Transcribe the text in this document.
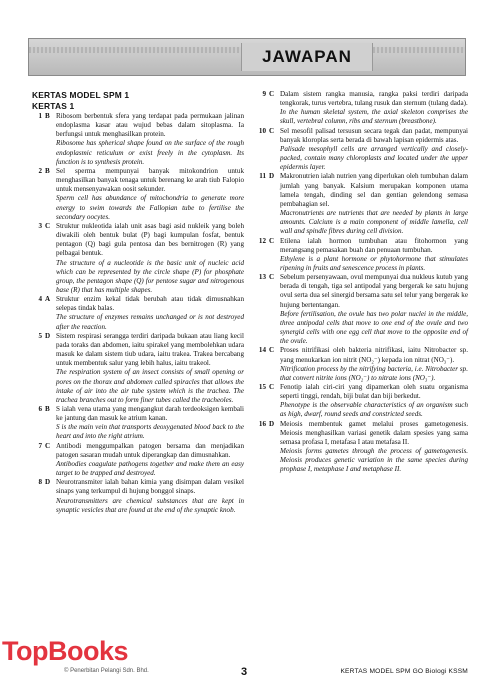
JAWAPAN
KERTAS MODEL SPM 1
KERTAS 1
1 B Ribosom berbentuk sfera yang terdapat pada permukaan jalinan endoplasma kasar atau wujud bebas dalam sitoplasma. Ia berfungsi untuk menghasilkan protein.

Ribosome has spherical shape found on the surface of the rough endoplasmic reticulum or exist freely in the cytoplasm. Its function is to synthesis protein.

2 B Sel sperma mempunyai banyak mitokondrion untuk menghasilkan banyak tenaga untuk berenang ke arah tiub Falopio untuk mensenyawakan oosit sekunder.

Sperm cell has abundance of mitochondria to generate more energy to swim towards the Fallopian tube to fertilise the secondary oocytes.

3 C Struktur nukleotida ialah unit asas bagi asid nukleik yang boleh diwakili oleh bentuk bulat (P) bagi kumpulan fosfat, bentuk pentagon (Q) bagi gula pentosa dan bes bernitrogen (R) yang pelbagai bentuk.

The structure of a nucleotide is the basic unit of nucleic acid which can be represented by the circle shape (P) for phosphate group, the pentagon shape (Q) for pentose sugar and nitrogenous base (R) that has multiple shapes.

4 A Struktur enzim kekal tidak berubah atau tidak dimusnahkan selepas tindak balas.

The structure of enzymes remains unchanged or is not destroyed after the reaction.

5 D Sistem respirasi serangga terdiri daripada bukaan atau liang kecil pada toraks dan abdomen, iaitu spirakel yang membolehkan udara masuk ke dalam sistem tiub udara, iaitu trakea. Trakea bercabang untuk membentuk salur yang lebih halus, iaitu trakeol.

The respiration system of an insect consists of small opening or pores on the thorax and abdomen called spiracles that allows the intake of air into the air tube system which is the trachea. The trachea branches out to form finer tubes called the tracheoles.

6 B S ialah vena utama yang mengangkut darah terdeoksigen kembali ke jantung dan masuk ke atrium kanan.

S is the main vein that transports deoxygenated blood back to the heart and into the right atrium.

7 C Antibodi menggumpalkan patogen bersama dan menjadikan patogen sasaran mudah untuk diperangkap dan dimusnahkan.

Antibodies coagulate pathogens together and make them an easy target to be trapped and destroyed.

8 D Neurotransmiter ialah bahan kimia yang disimpan dalam vesikel sinaps yang terkumpul di hujung bonggol sinaps.

Neurotransmitters are chemical substances that are kept in synaptic vesicles that are found at the end of the synaptic knob.

9 C Dalam sistem rangka manusia, rangka paksi terdiri daripada tengkorak, turus vertebra, tulang rusuk dan sternum (tulang dada).

In the human skeletal system, the axial skeleton comprises the skull, vertebral column, ribs and sternum (breastbone).

10 C Sel mesofil palisad tersusun secara tegak dan padat, mempunyai banyak kloroplas serta berada di bawah lapisan epidermis atas.

Palisade mesophyll cells are arranged vertically and closely-packed, contain many chloroplasts and located under the upper epidermis layer.

11 D Makronutrien ialah nutrien yang diperlukan oleh tumbuhan dalam jumlah yang banyak. Kalsium merupakan komponen utama lamela tengah, dinding sel dan gentian gelendong semasa pembahagian sel.

Macronutrients are nutrients that are needed by plants in large amounts. Calcium is a main component of middle lamella, cell wall and spindle fibres during cell division.

12 C Etilena ialah hormon tumbuhan atau fitohormon yang merangsang pemasakan buah dan penuaan tumbuhan.

Ethylene is a plant hormone or phytohormone that stimulates ripening in fruits and senescence process in plants.

13 C Sebelum persenyawaan, ovul mempunyai dua nukleus kutub yang berada di tengah, tiga sel antipodal yang bergerak ke satu hujung ovul serta dua sel sinergid bersama satu sel telur yang bergerak ke hujung bertentangan.

Before fertilisation, the ovule has two polar nuclei in the middle, three antipodal cells that move to one end of the ovule and two synergid cells with one egg cell that move to the opposite end of the ovule.

14 C Proses nitrifikasi oleh bakteria nitrifikasi, iaitu Nitrobacter sp. yang menukarkan ion nitrit (NO₂⁻) kepada ion nitrat (NO₃⁻).

Nitrification process by the nitrifying bacteria, i.e. Nitrobacter sp. that convert nitrite ions (NO₂⁻) to nitrate ions (NO₃⁻).

15 C Fenotip ialah ciri-ciri yang dipamerkan oleh suatu organisma seperti tinggi, rendah, biji bulat dan biji berkedut.

Phenotype is the observable characteristics of an organism such as high, dwarf, round seeds and constricted seeds.

16 D Meiosis membentuk gamet melalui proses gametogenesis. Meiosis menghasilkan variasi genetik dalam spesies yang sama semasa profasa I, metafasa I atau metafasa II.

Meiosis forms gametes through the process of gametogenesis. Meiosis produces genetic variation in the same species during prophase I, metaphase I and metaphase II.

TopBooks
© Penerbitan Pelangi Sdn. Bhd.	3	KERTAS MODEL SPM GO Biologi KSSM
